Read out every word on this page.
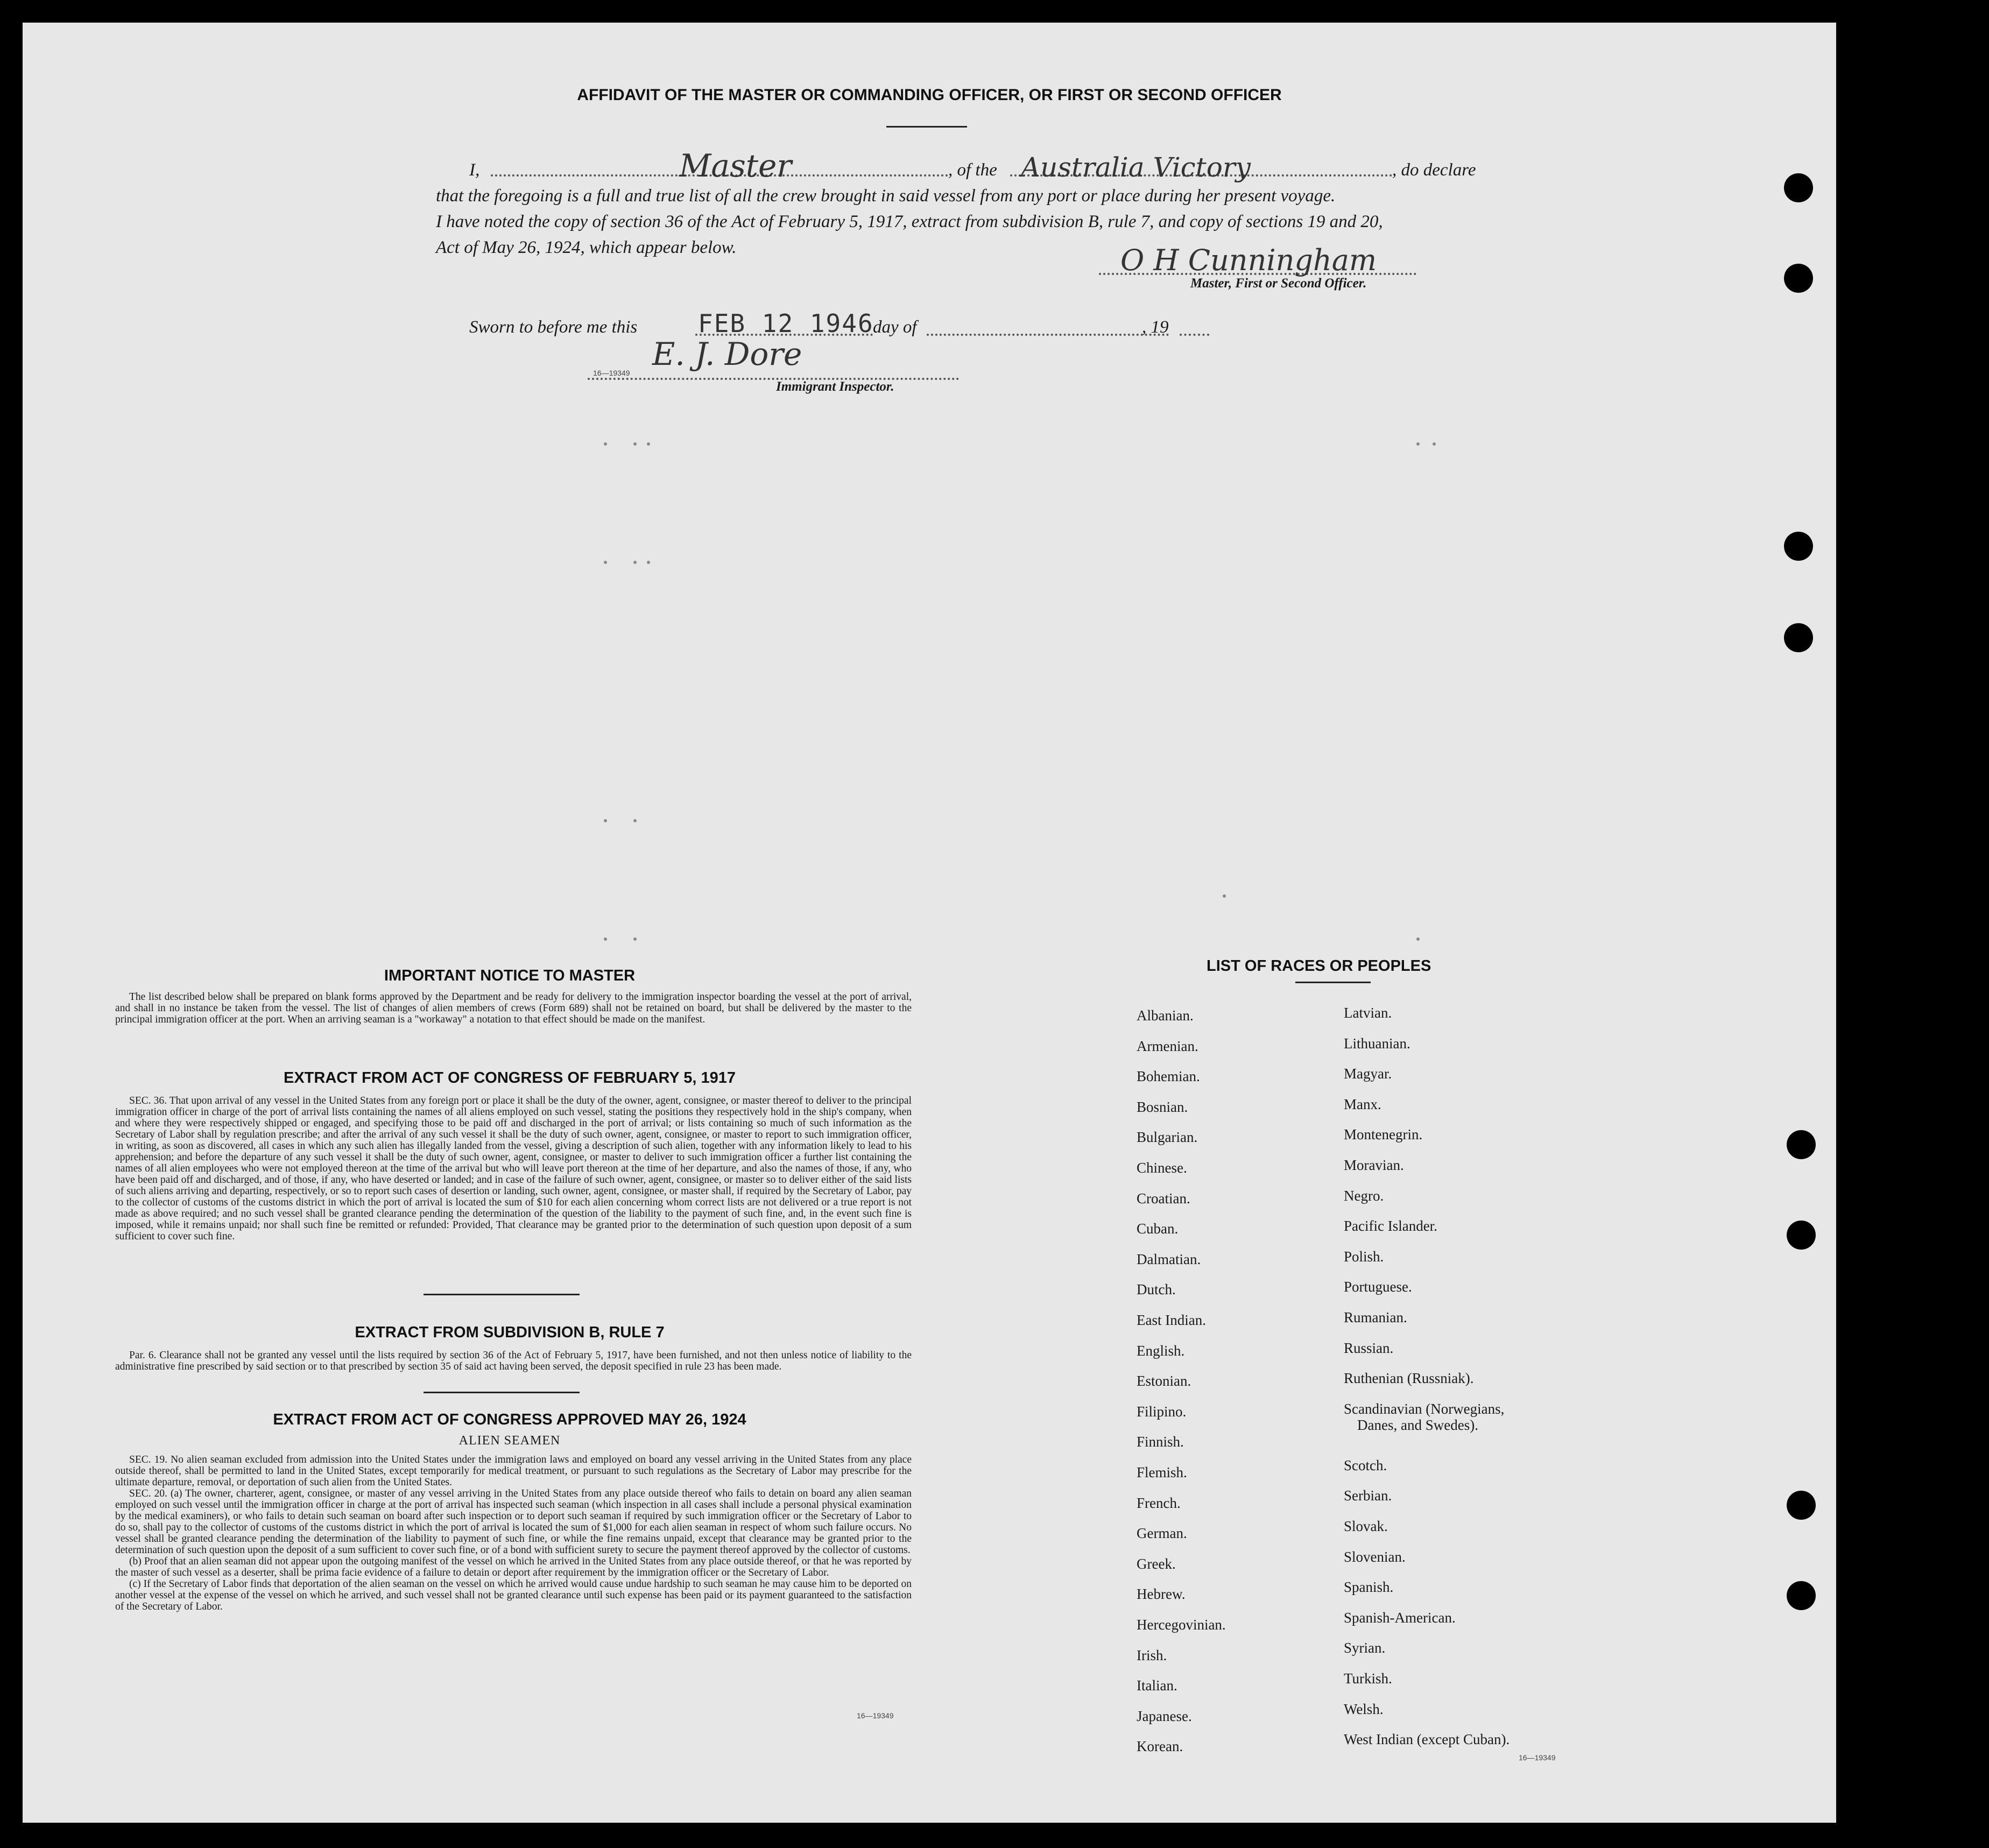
AFFIDAVIT OF THE MASTER OR COMMANDING OFFICER, OR FIRST OR SECOND OFFICER
I,	Master	, of the Australia Victory	, do declare
that the foregoing is a full and true list of all the crew brought in said vessel from any port or place during her present voyage.
I have noted the copy of section 36 of the Act of February 5, 1917, extract from subdivision B, rule 7, and copy of sections 19 and 20,
Act of May 26, 1924, which appear below.	O H Cunningham
Master, First or Second Officer.
Sworn to before me this FEB 12 1946
day of	, 19
E. J. Dore
16—19349
Immigrant Inspector.
IMPORTANT NOTICE TO MASTER

The list described below shall be prepared on blank forms approved by the Department and be ready for delivery to the immigration inspector boarding the vessel at the port of arrival, and shall in no instance be taken from the vessel. The list of changes of alien members of crews (Form 689) shall not be retained on board, but shall be delivered by the master to the principal immigration officer at the port. When an arriving seaman is a "workaway" a notation to that effect should be made on the manifest.

EXTRACT FROM ACT OF CONGRESS OF FEBRUARY 5, 1917

SEC. 36. That upon arrival of any vessel in the United States from any foreign port or place it shall be the duty of the owner, agent, consignee, or master thereof to deliver to the principal immigration officer in charge of the port of arrival lists containing the names of all aliens employed on such vessel, stating the positions they respectively hold in the ship's company, when and where they were respectively shipped or engaged, and specifying those to be paid off and discharged in the port of arrival; or lists containing so much of such information as the Secretary of Labor shall by regulation prescribe; and after the arrival of any such vessel it shall be the duty of such owner, agent, consignee, or master to report to such immigration officer, in writing, as soon as discovered, all cases in which any such alien has illegally landed from the vessel, giving a description of such alien, together with any information likely to lead to his apprehension; and before the departure of any such vessel it shall be the duty of such owner, agent, consignee, or master to deliver to such immigration officer a further list containing the names of all alien employees who were not employed thereon at the time of the arrival but who will leave port thereon at the time of her departure, and also the names of those, if any, who have been paid off and discharged, and of those, if any, who have deserted or landed; and in case of the failure of such owner, agent, consignee, or master so to deliver either of the said lists of such aliens arriving and departing, respectively, or so to report such cases of desertion or landing, such owner, agent, consignee, or master shall, if required by the Secretary of Labor, pay to the collector of customs of the customs district in which the port of arrival is located the sum of $10 for each alien concerning whom correct lists are not delivered or a true report is not made as above required; and no such vessel shall be granted clearance pending the determination of the question of the liability to the payment of such fine, and, in the event such fine is imposed, while it remains unpaid; nor shall such fine be remitted or refunded: Provided, That clearance may be granted prior to the determination of such question upon deposit of a sum sufficient to cover such fine.

EXTRACT FROM SUBDIVISION B, RULE 7

Par. 6. Clearance shall not be granted any vessel until the lists required by section 36 of the Act of February 5, 1917, have been furnished, and not then unless notice of liability to the administrative fine prescribed by said section or to that prescribed by section 35 of said act having been served, the deposit specified in rule 23 has been made.

EXTRACT FROM ACT OF CONGRESS APPROVED MAY 26, 1924
ALIEN SEAMEN

SEC. 19. No alien seaman excluded from admission into the United States under the immigration laws and employed on board any vessel arriving in the United States from any place outside thereof, shall be permitted to land in the United States, except temporarily for medical treatment, or pursuant to such regulations as the Secretary of Labor may prescribe for the ultimate departure, removal, or deportation of such alien from the United States.

SEC. 20. (a) The owner, charterer, agent, consignee, or master of any vessel arriving in the United States from any place outside thereof who fails to detain on board any alien seaman employed on such vessel until the immigration officer in charge at the port of arrival has inspected such seaman (which inspection in all cases shall include a personal physical examination by the medical examiners), or who fails to detain such seaman on board after such inspection or to deport such seaman if required by such immigration officer or the Secretary of Labor to do so, shall pay to the collector of customs of the customs district in which the port of arrival is located the sum of $1,000 for each alien seaman in respect of whom such failure occurs. No vessel shall be granted clearance pending the determination of the liability to payment of such fine, or while the fine remains unpaid, except that clearance may be granted prior to the determination of such question upon the deposit of a sum sufficient to cover such fine, or of a bond with sufficient surety to secure the payment thereof approved by the collector of customs.

(b) Proof that an alien seaman did not appear upon the outgoing manifest of the vessel on which he arrived in the United States from any place outside thereof, or that he was reported by the master of such vessel as a deserter, shall be prima facie evidence of a failure to detain or deport after requirement by the immigration officer or the Secretary of Labor.

(c) If the Secretary of Labor finds that deportation of the alien seaman on the vessel on which he arrived would cause undue hardship to such seaman he may cause him to be deported on another vessel at the expense of the vessel on which he arrived, and such vessel shall not be granted clearance until such expense has been paid or its payment guaranteed to the satisfaction of the Secretary of Labor.

16—19349
LIST OF RACES OR PEOPLES
Albanian.
Armenian.
Bohemian.
Bosnian.
Bulgarian.
Chinese.
Croatian.
Cuban.
Dalmatian.
Dutch.
East Indian.
English.
Estonian.
Filipino.
Finnish.
Flemish.
French.
German.
Greek.
Hebrew.
Hercegovinian.
Irish.
Italian.
Japanese.
Korean.
Latvian.
Lithuanian.
Magyar.
Manx.
Montenegrin.
Moravian.
Negro.
Pacific Islander.
Polish.
Portuguese.
Rumanian.
Russian.
Ruthenian (Russniak).
Scandinavian (Norwegians,
Danes, and Swedes).
Scotch.
Serbian.
Slovak.
Slovenian.
Spanish.
Spanish-American.
Syrian.
Turkish.
Welsh.
West Indian (except Cuban).
16—19349
